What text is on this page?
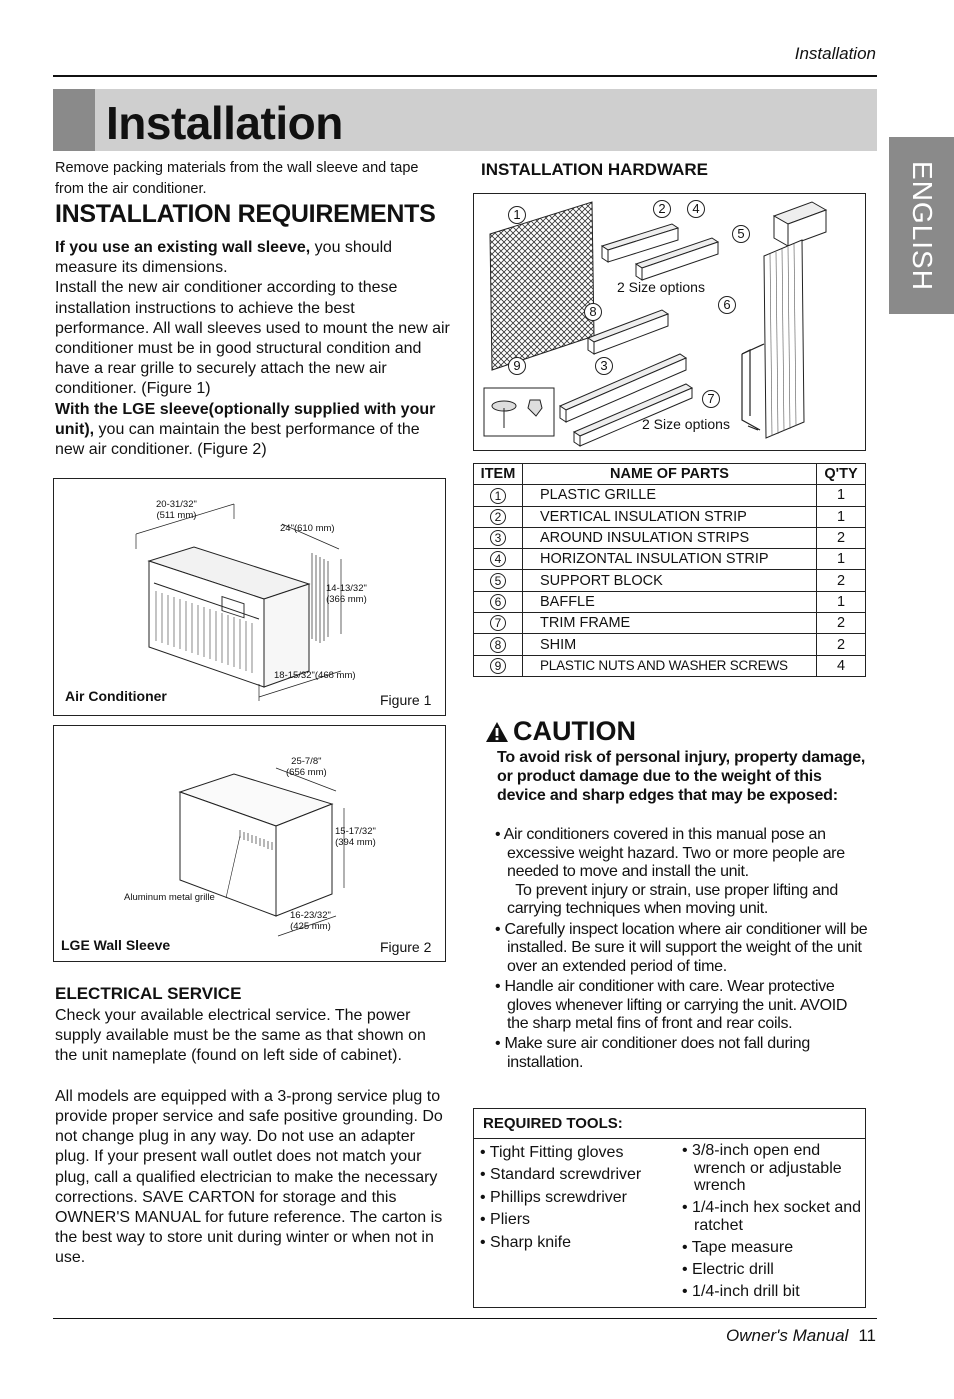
Installation
Installation
ENGLISH
Remove packing materials from the wall sleeve and tape from the air conditioner.
INSTALLATION REQUIREMENTS
If you use an existing wall sleeve, you should measure its dimensions.
Install the new air conditioner according to these installation instructions to achieve the best performance. All wall sleeves used to mount the new air conditioner must be in good structural condition and have a rear grille to securely attach the new air conditioner. (Figure 1)
With the LGE sleeve(optionally supplied with your unit), you can maintain the best performance of the new air conditioner. (Figure 2)
20-31/32"
(511 mm)
24"(610 mm)
14-13/32"
(366 mm)
18-15/32"(468 mm)
Air Conditioner	Figure 1
25-7/8"
(656 mm)
15-17/32"
(394 mm)
16-23/32"
(425 mm)
Aluminum metal grille
LGE Wall Sleeve	Figure 2
ELECTRICAL SERVICE
Check your available electrical service. The power supply available must be the same as that shown on the unit nameplate (found on left side of cabinet).

All models are equipped with a 3-prong service plug to provide proper service and safe positive grounding. Do not change plug in any way. Do not use an adapter plug. If your present wall outlet does not match your plug, call a qualified electrician to make the necessary corrections. SAVE CARTON for storage and this OWNER'S MANUAL for future reference. The carton is the best way to store unit during winter or when not in use.
INSTALLATION HARDWARE
1	2	4
5
6
8
9	3
7
2 Size options
2 Size options
ITEM	NAME OF PARTS	Q'TY
1	PLASTIC GRILLE	1
2	VERTICAL INSULATION STRIP	1
3	AROUND INSULATION STRIPS	2
4	HORIZONTAL INSULATION STRIP	1
5	SUPPORT BLOCK	2
6	BAFFLE	1
7	TRIM FRAME	2
8	SHIM	2
9	PLASTIC NUTS AND WASHER SCREWS	4
CAUTION
To avoid risk of personal injury, property damage, or product damage due to the weight of this device and sharp edges that may be exposed:
• Air conditioners covered in this manual pose an excessive weight hazard. Two or more people are needed to move and install the unit.
To prevent injury or strain, use proper lifting and carrying techniques when moving unit.
• Carefully inspect location where air conditioner will be installed. Be sure it will support the weight of the unit over an extended period of time.
• Handle air conditioner with care. Wear protective gloves whenever lifting or carrying the unit. AVOID the sharp metal fins of front and rear coils.
• Make sure air conditioner does not fall during installation.
REQUIRED TOOLS:
• Tight Fitting gloves
• Standard screwdriver
• Phillips screwdriver
• Pliers
• Sharp knife
• 3/8-inch open end wrench or adjustable wrench
• 1/4-inch hex socket and ratchet
• Tape measure
• Electric drill
• 1/4-inch drill bit
Owner's Manual 11
